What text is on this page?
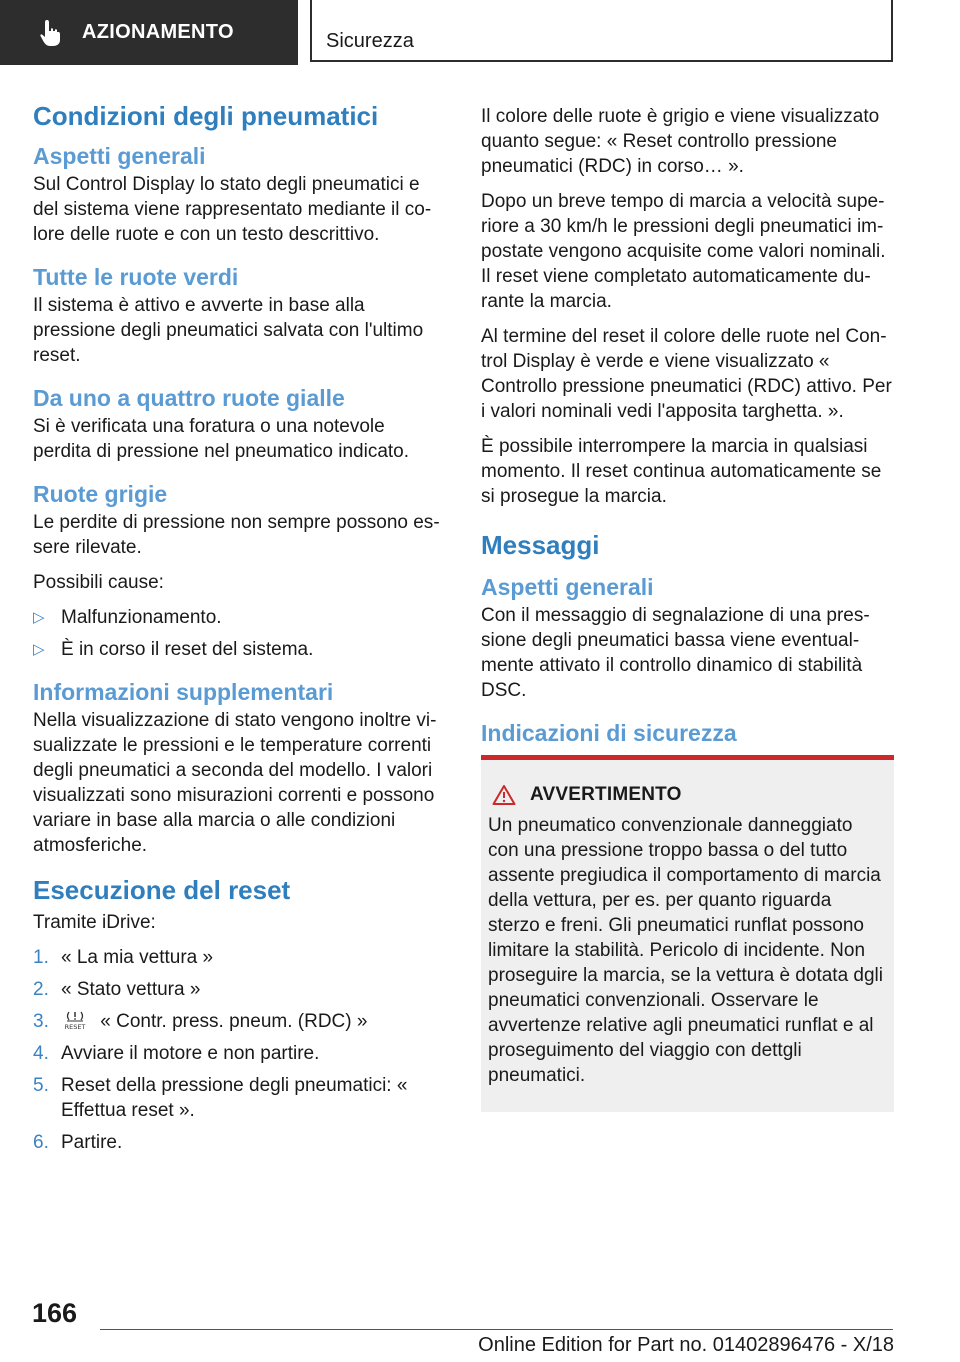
AZIONAMENTO	Sicurezza
Condizioni degli pneumatici
Aspetti generali

Sul Control Display lo stato degli pneumatici e del sistema viene rappresentato mediante il colore delle ruote e con un testo descrittivo.

Tutte le ruote verdi

Il sistema è attivo e avverte in base alla pressione degli pneumatici salvata con l'ultimo reset.

Da uno a quattro ruote gialle

Si è verificata una foratura o una notevole perdita di pressione nel pneumatico indicato.

Ruote grigie

Le perdite di pressione non sempre possono essere rilevate.

Possibili cause:

▷ Malfunzionamento.
▷ È in corso il reset del sistema.
Informazioni supplementari

Nella visualizzazione di stato vengono inoltre visualizzate le pressioni e le temperature correnti degli pneumatici a seconda del modello. I valori visualizzati sono misurazioni correnti e possono variare in base alla marcia o alle condizioni atmosferiche.

Esecuzione del reset

Tramite iDrive:

1. « La mia vettura »
2. « Stato vettura »
3. RESET « Contr. press. pneum. (RDC) »
4. Avviare il motore e non partire.
5. Reset della pressione degli pneumatici: « Effettua reset ».
6. Partire.

Il colore delle ruote è grigio e viene visualizzato quanto segue: « Reset controllo pressione pneumatici (RDC) in corso… ».

Dopo un breve tempo di marcia a velocità superiore a 30 km/h le pressioni degli pneumatici impostate vengono acquisite come valori nominali. Il reset viene completato automaticamente durante la marcia.

Al termine del reset il colore delle ruote nel Control Display è verde e viene visualizzato « Controllo pressione pneumatici (RDC) attivo. Per i valori nominali vedi l'apposita targhetta. ».

È possibile interrompere la marcia in qualsiasi momento. Il reset continua automaticamente se si prosegue la marcia.

Messaggi
Aspetti generali

Con il messaggio di segnalazione di una pressione degli pneumatici bassa viene eventualmente attivato il controllo dinamico di stabilità DSC.

Indicazioni di sicurezza
AVVERTIMENTO

Un pneumatico convenzionale danneggiato con una pressione troppo bassa o del tutto assente pregiudica il comportamento di marcia della vettura, per es. per quanto riguarda sterzo e freni. Gli pneumatici runflat possono limitare la stabilità. Pericolo di incidente. Non proseguire la marcia, se la vettura è dotata dgli pneumatici convenzionali. Osservare le avvertenze relative agli pneumatici runflat e al proseguimento del viaggio con dettgli pneumatici.

166
Online Edition for Part no. 01402896476 - X/18
